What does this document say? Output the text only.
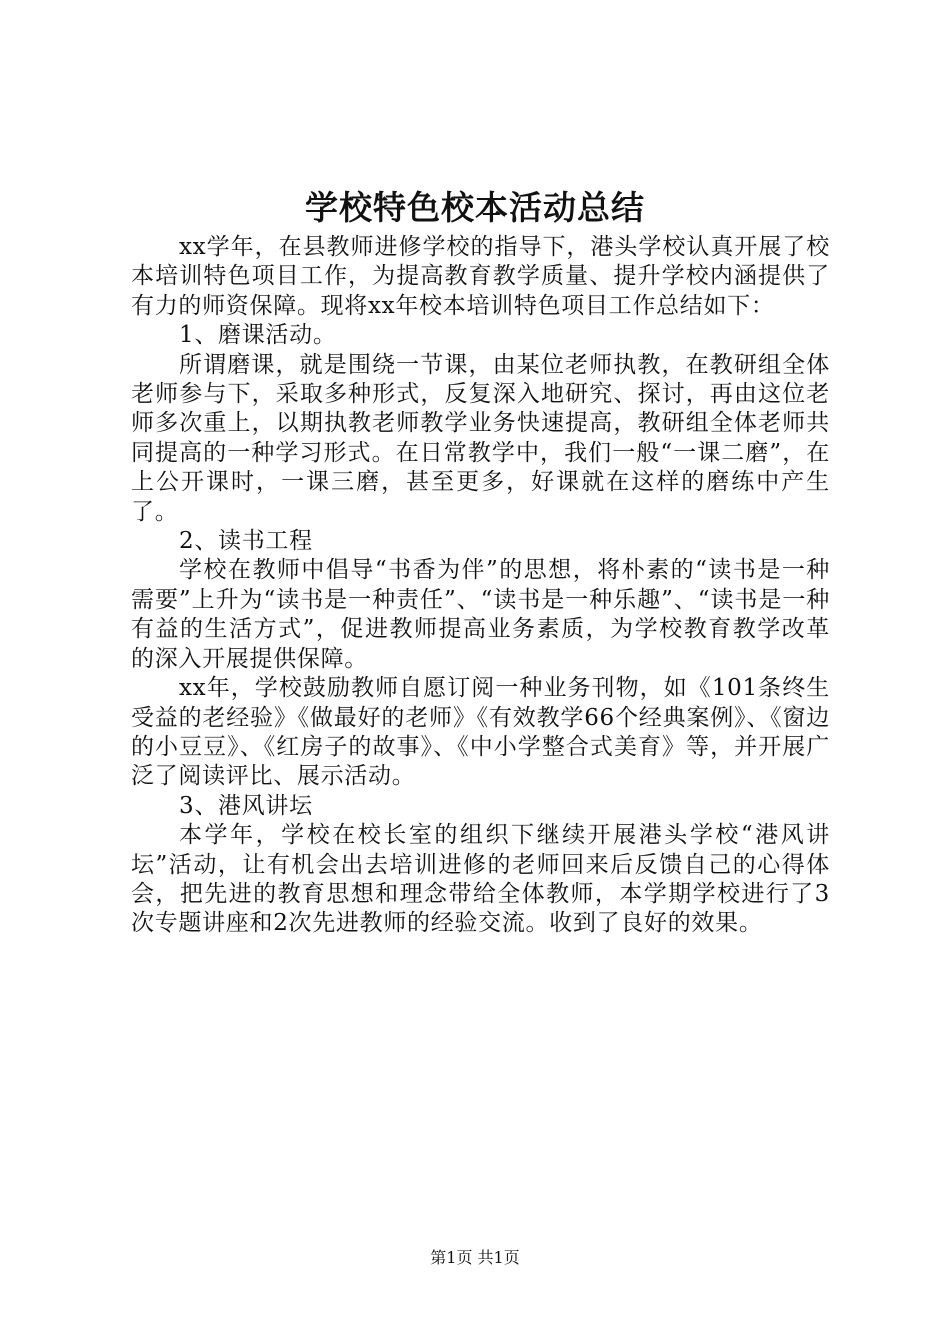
学校特色校本活动总结

xx学年，在县教师进修学校的指导下，港头学校认真开展了校本培训特色项目工作，为提高教育教学质量、提升学校内涵提供了有力的师资保障。现将xx年校本培训特色项目工作总结如下：

1、磨课活动。

所谓磨课，就是围绕一节课，由某位老师执教，在教研组全体老师参与下，采取多种形式，反复深入地研究、探讨，再由这位老师多次重上，以期执教老师教学业务快速提高，教研组全体老师共同提高的一种学习形式。在日常教学中，我们一般“一课二磨”，在上公开课时，一课三磨，甚至更多，好课就在这样的磨练中产生了。

2、读书工程

学校在教师中倡导“书香为伴”的思想，将朴素的“读书是一种需要”上升为“读书是一种责任”、“读书是一种乐趣”、“读书是一种有益的生活方式”，促进教师提高业务素质，为学校教育教学改革的深入开展提供保障。

xx年，学校鼓励教师自愿订阅一种业务刊物，如《101条终生受益的老经验》《做最好的老师》《有效教学66个经典案例》、《窗边的小豆豆》、《红房子的故事》、《中小学整合式美育》等，并开展广泛了阅读评比、展示活动。

3、港风讲坛

本学年，学校在校长室的组织下继续开展港头学校“港风讲坛”活动，让有机会出去培训进修的老师回来后反馈自己的心得体会，把先进的教育思想和理念带给全体教师，本学期学校进行了3次专题讲座和2次先进教师的经验交流。收到了良好的效果。

第1页 共1页
